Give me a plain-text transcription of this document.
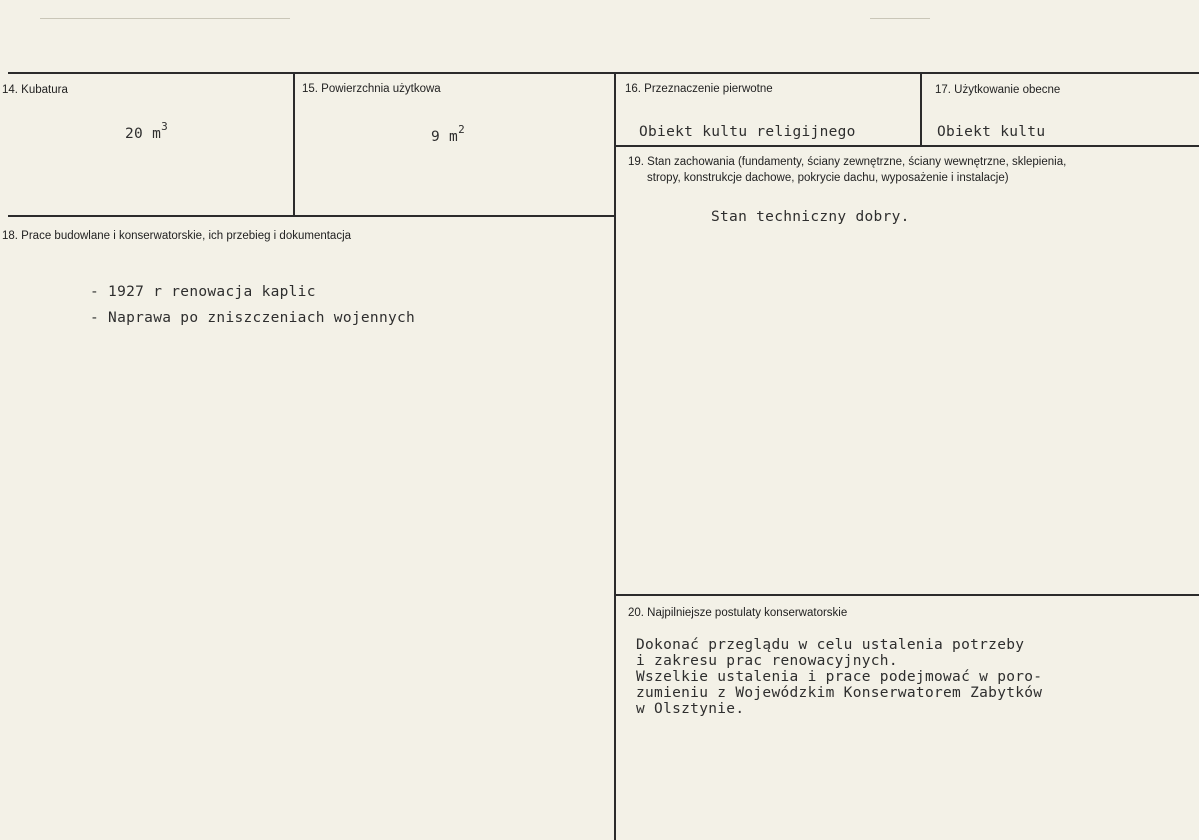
14. Kubatura
20 $m^3$
15. Powierzchnia użytkowa
9 $m^2$
16. Przeznaczenie pierwotne
Obiekt kultu religijnego
17. Użytkowanie obecne
Obiekt kultu
18. Prace budowlane i konserwatorskie, ich przebieg i dokumentacja
- 1927 r renowacja kaplic
- Naprawa po zniszczeniach wojennych
19. Stan zachowania (fundamenty, ściany zewnętrzne, ściany wewnętrzne, sklepienia,
stropy, konstrukcje dachowe, pokrycie dachu, wyposażenie i instalacje)
Stan techniczny dobry.
20. Najpilniejsze postulaty konserwatorskie
Dokonać przeglądu w celu ustalenia potrzeby
i zakresu prac renowacyjnych.
Wszelkie ustalenia i prace podejmować w poro-
zumieniu z Wojewódzkim Konserwatorem Zabytków
w Olsztynie.
